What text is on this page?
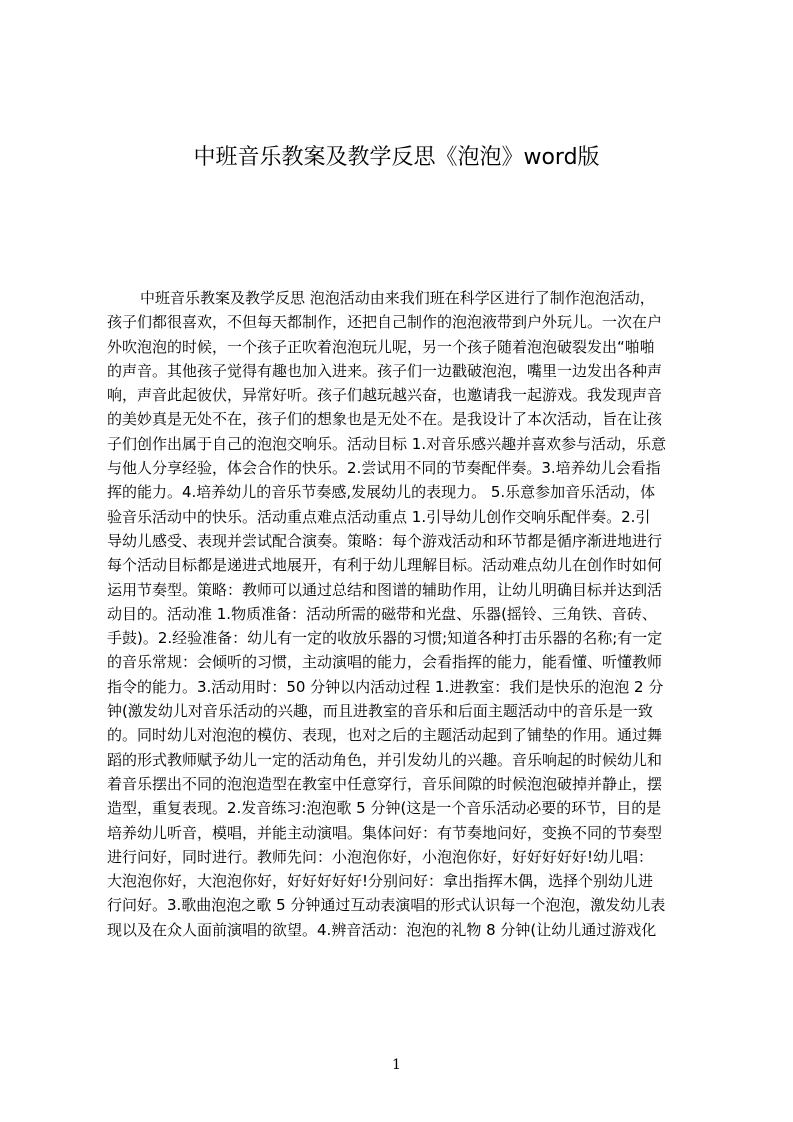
中班音乐教案及教学反思《泡泡》word版
中班音乐教案及教学反思 泡泡活动由来我们班在科学区进行了制作泡泡活动，
孩子们都很喜欢，不但每天都制作，还把自己制作的泡泡液带到户外玩儿。一次在户
外吹泡泡的时候，一个孩子正吹着泡泡玩儿呢，另一个孩子随着泡泡破裂发出“啪啪
的声音。其他孩子觉得有趣也加入进来。孩子们一边戳破泡泡，嘴里一边发出各种声
响，声音此起彼伏，异常好听。孩子们越玩越兴奋，也邀请我一起游戏。我发现声音
的美妙真是无处不在，孩子们的想象也是无处不在。是我设计了本次活动，旨在让孩
子们创作出属于自己的泡泡交响乐。活动目标 1.对音乐感兴趣并喜欢参与活动，乐意
与他人分享经验，体会合作的快乐。2.尝试用不同的节奏配伴奏。3.培养幼儿会看指
挥的能力。4.培养幼儿的音乐节奏感,发展幼儿的表现力。 5.乐意参加音乐活动，体
验音乐活动中的快乐。活动重点难点活动重点 1.引导幼儿创作交响乐配伴奏。2.引
导幼儿感受、表现并尝试配合演奏。策略：每个游戏活动和环节都是循序渐进地进行
每个活动目标都是递进式地展开，有利于幼儿理解目标。活动难点幼儿在创作时如何
运用节奏型。策略：教师可以通过总结和图谱的辅助作用，让幼儿明确目标并达到活
动目的。活动准 1.物质准备：活动所需的磁带和光盘、乐器(摇铃、三角铁、音砖、
手鼓)。2.经验准备：幼儿有一定的收放乐器的习惯;知道各种打击乐器的名称;有一定
的音乐常规：会倾听的习惯，主动演唱的能力，会看指挥的能力，能看懂、听懂教师
指令的能力。3.活动用时：50 分钟以内活动过程 1.进教室：我们是快乐的泡泡 2 分
钟(激发幼儿对音乐活动的兴趣，而且进教室的音乐和后面主题活动中的音乐是一致
的。同时幼儿对泡泡的模仿、表现，也对之后的主题活动起到了铺垫的作用。通过舞
蹈的形式教师赋予幼儿一定的活动角色，并引发幼儿的兴趣。音乐响起的时候幼儿和
着音乐摆出不同的泡泡造型在教室中任意穿行，音乐间隙的时候泡泡破掉并静止，摆
造型，重复表现。2.发音练习:泡泡歌 5 分钟(这是一个音乐活动必要的环节，目的是
培养幼儿听音，模唱，并能主动演唱。集体问好：有节奏地问好，变换不同的节奏型
进行问好，同时进行。教师先问：小泡泡你好，小泡泡你好，好好好好好!幼儿唱：
大泡泡你好，大泡泡你好，好好好好好!分别问好：拿出指挥木偶，选择个别幼儿进
行问好。3.歌曲泡泡之歌 5 分钟通过互动表演唱的形式认识每一个泡泡，激发幼儿表
现以及在众人面前演唱的欲望。4.辨音活动：泡泡的礼物 8 分钟(让幼儿通过游戏化
1
